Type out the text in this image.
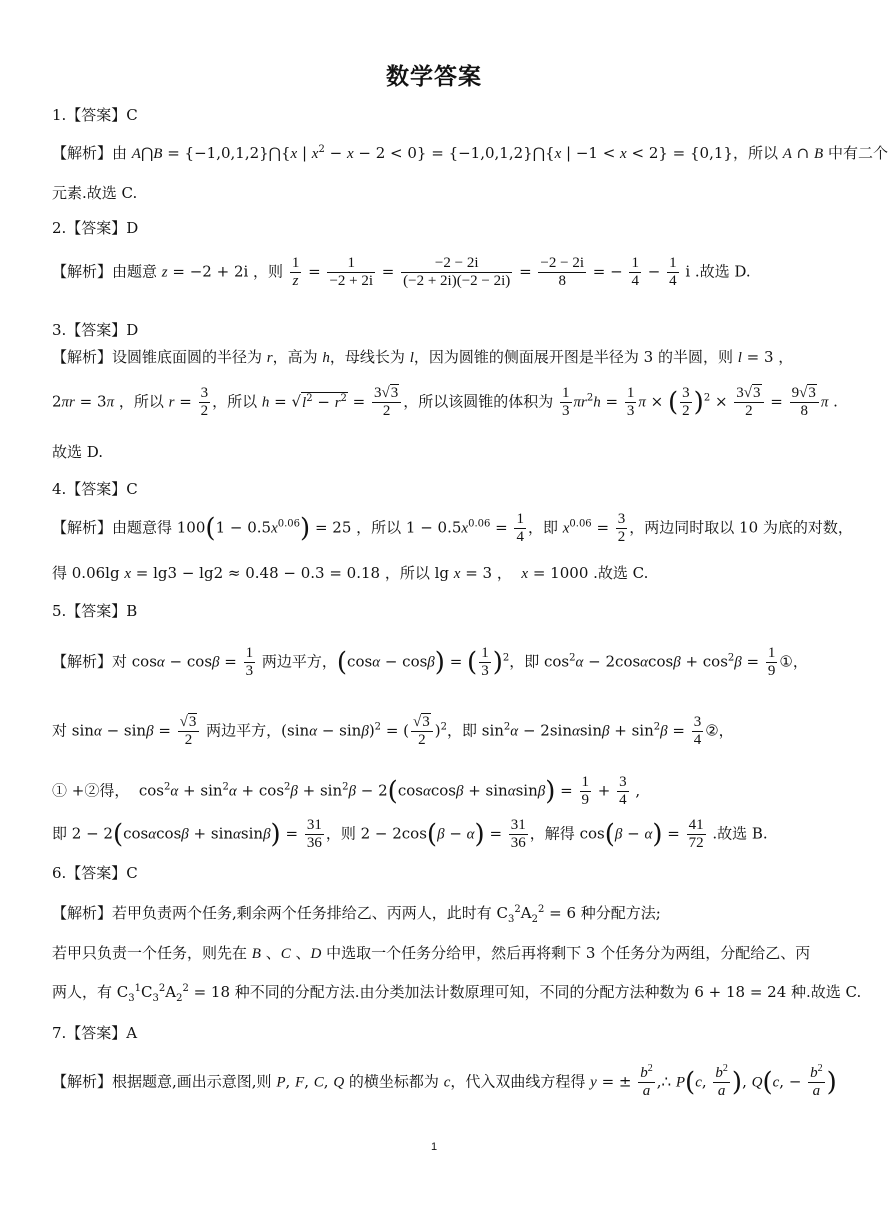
数学答案
1.【答案】C
【解析】由 A⋂B = {−1,0,1,2}⋂{x | $x^2 - x - 2 < 0$} = {−1,0,1,2}⋂{x | −1 < x < 2} = {0,1}，所以 A ∩ B 中有二个
元素.故选 C.
2.【答案】D
【解析】由题意 z = −2 + 2i ，则 $\frac{1}{z} = \frac{1}{-2 + 2i} = \frac{-2 - 2i}{(-2 + 2i)(-2 - 2i)} = \frac{-2 - 2i}{8}$ = − $\frac{1}{4} - \frac{1}{4}$ i .故选 D.
3.【答案】D
【解析】设圆锥底面圆的半径为 r，高为 h，母线长为 l，因为圆锥的侧面展开图是半径为 3 的半圆，则 l = 3 ，
2πr = 3π ，所以 $r = \frac{3}{2}$ ，所以 $h = √l^2 - r^2 = \frac{3√3}{2}$ ，所以该圆锥的体积为 $\frac{1}{3} \pi r^2h = \frac{1}{3}$ π × ( $\frac{3}{2} )^2 \times \frac{3√3}{2} = \frac{9√3}{8}$ π .
故选 D.
4.【答案】C
【解析】由题意得 $100(1 - 0.5x^{0.06}) = 25$ ，所以 $1 - 0.5x^{0.06} = \frac{1}{4}$ ，即 $x^{0.06} = \frac{3}{2}$ ，两边同时取以 10 为底的对数，
得 0.06lg x = lg3 − lg2 ≈ 0.48 − 0.3 = 0.18 ，所以 lg x = 3 ，  x = 1000 .故选 C.
5.【答案】B
【解析】对 $\cos\alpha - \cos\beta = \frac{1}{3}$ 两边平方，(cosα − cosβ) = ( $\frac{1}{3} )^2$，即 $\cos^2\alpha - 2\cos\alpha\cos\beta + \cos^2\beta = \frac{1}{9}$ ①，
对 $\sin\alpha - \sin\beta = \frac{√3}{2}$ 两边平方，$(\sin\alpha - \sin\beta)^2$ = ( $\frac{√3}{2} )^2$，即 $\sin^2\alpha - 2\sin\alpha\sin\beta + \sin^2\beta = \frac{3}{4}$ ②，
① +②得，  $\cos^2\alpha + \sin^2\alpha + \cos^2\beta + \sin^2\beta - 2(\cos\alpha\cos\beta + \sin\alpha\sin\beta) = \frac{1}{9} + \frac{3}{4}$ ,
即 $2 - 2(\cos\alpha\cos\beta + \sin\alpha\sin\beta) = \frac{31}{36}$ ，则 $2 - 2\cos(\beta - \alpha) = \frac{31}{36}$ ，解得 $\cos(\beta - \alpha) = \frac{41}{72}$ .故选 B.
6.【答案】C
【解析】若甲负责两个任务,剩余两个任务排给乙、丙两人，此时有 $C_3^2A_2^2 = 6$ 种分配方法;
若甲只负责一个任务，则先在 B 、C 、D 中选取一个任务分给甲，然后再将剩下 3 个任务分为两组，分配给乙、丙
两人，有 $C_3^1C_3^2A_2^2 = 18$ 种不同的分配方法.由分类加法计数原理可知，不同的分配方法种数为 6 + 18 = 24 种.故选 C.
7.【答案】A
【解析】根据题意,画出示意图,则 P, F, C, Q 的横坐标都为 c，代入双曲线方程得 y = ± $\frac{b^2}{a}$ ,∴ P(c, $\frac{b^2}{a}$ ), Q(c, − $\frac{b^2}{a}$ )
1
